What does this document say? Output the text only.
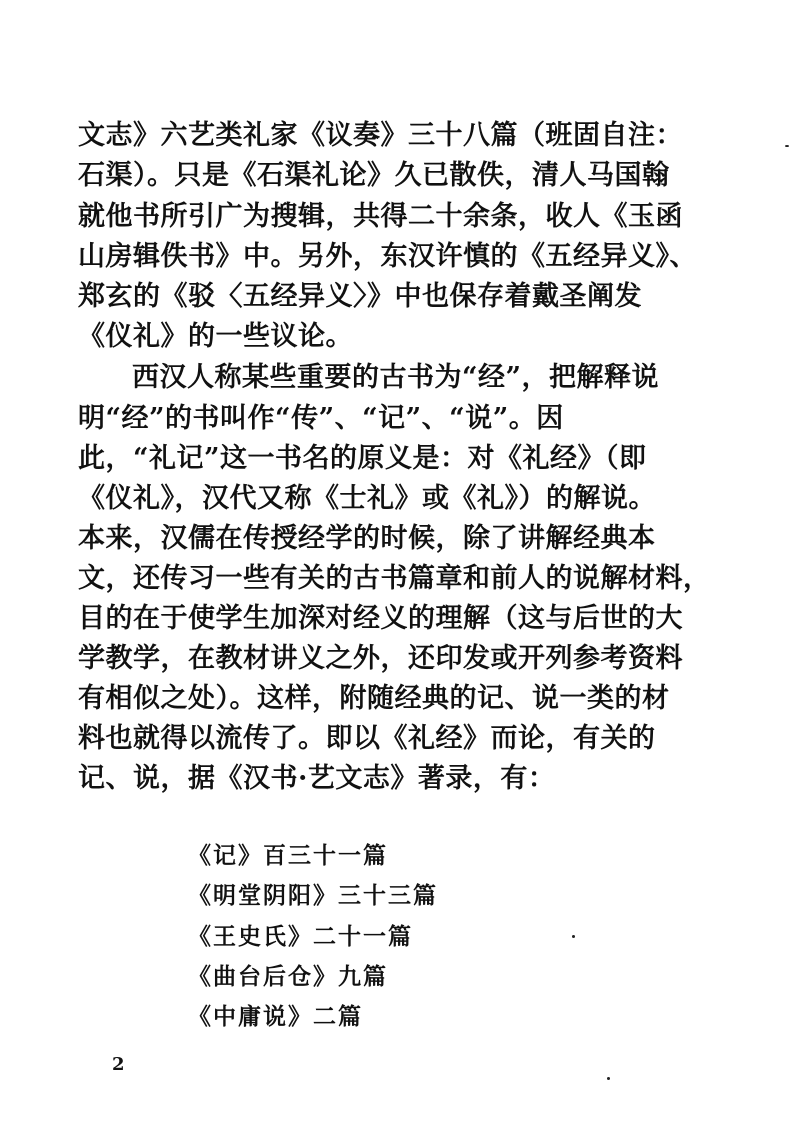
文志》六艺类礼家《议奏》三十八篇（班固自注：
石渠）。只是《石渠礼论》久已散佚，清人马国翰
就他书所引广为搜辑，共得二十余条，收人《玉函
山房辑佚书》中。另外，东汉许慎的《五经异义》、
郑玄的《驳〈五经异义〉》中也保存着戴圣阐发
《仪礼》的一些议论。
西汉人称某些重要的古书为“经”，把解释说
明“经”的书叫作“传”、“记”、“说”。因
此，“礼记”这一书名的原义是：对《礼经》（即
《仪礼》，汉代又称《士礼》或《礼》）的解说。
本来，汉儒在传授经学的时候，除了讲解经典本
文，还传习一些有关的古书篇章和前人的说解材料，
目的在于使学生加深对经义的理解（这与后世的大
学教学，在教材讲义之外，还印发或开列参考资料
有相似之处）。这样，附随经典的记、说一类的材
料也就得以流传了。即以《礼经》而论，有关的
记、说，据《汉书·艺文志》著录，有：
《记》百三十一篇
《明堂阴阳》三十三篇
《王史氏》二十一篇
《曲台后仓》九篇
《中庸说》二篇
2
